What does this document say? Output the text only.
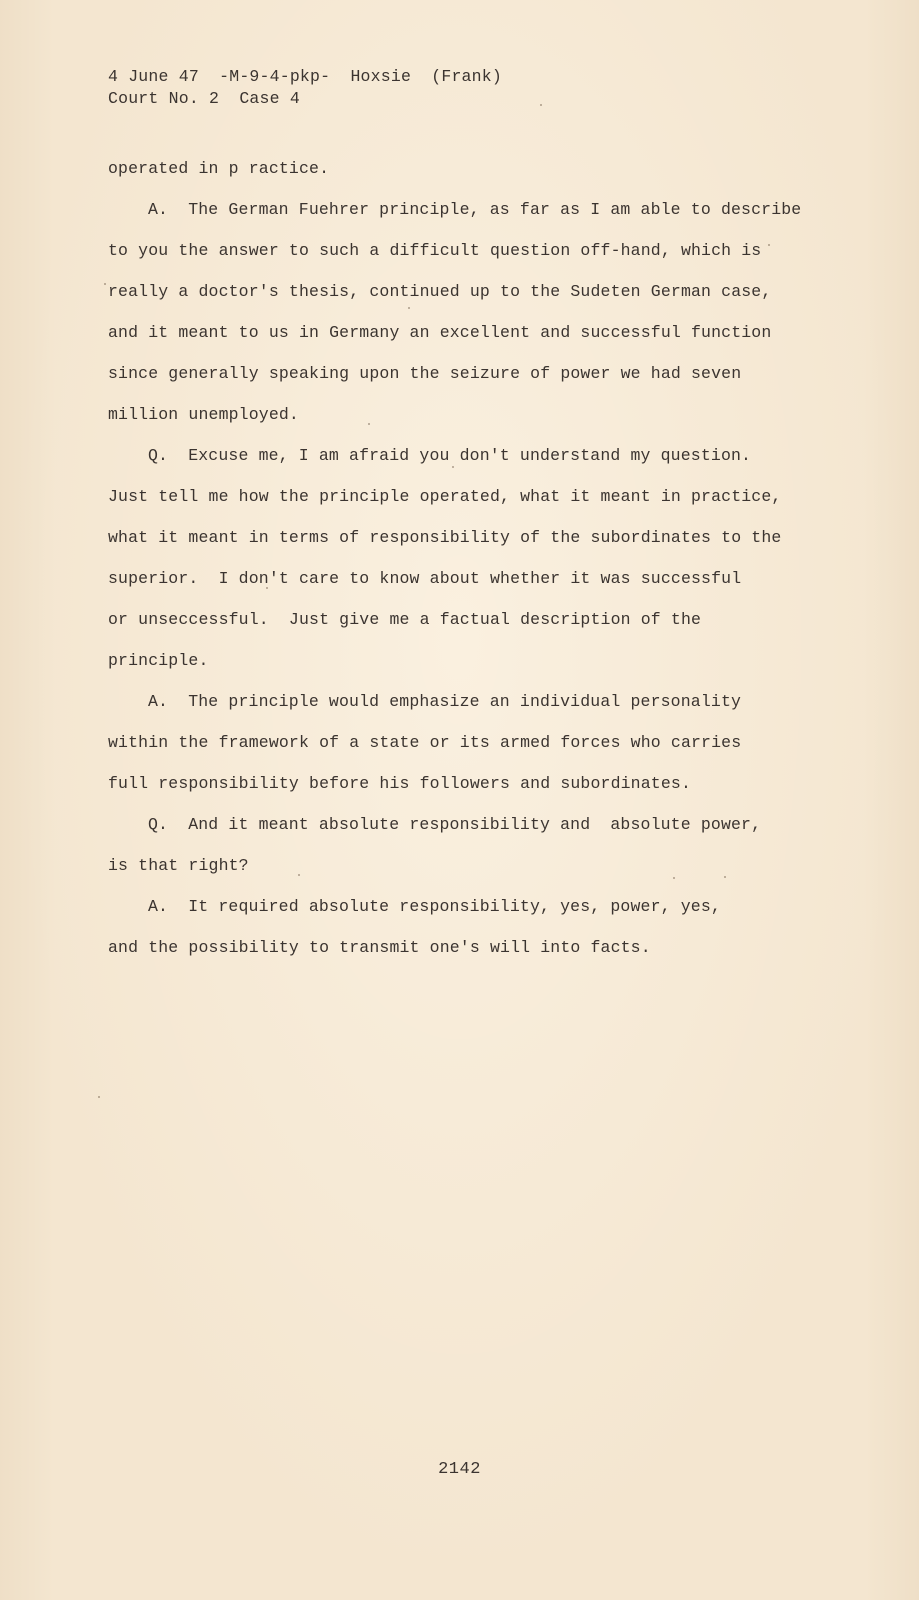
4 June 47  -M-9-4-pkp-  Hoxsie  (Frank)
Court No. 2  Case 4
operated in p ractice.
A.  The German Fuehrer principle, as far as I am able to describe
to you the answer to such a difficult question off-hand, which is
really a doctor's thesis, continued up to the Sudeten German case,
and it meant to us in Germany an excellent and successful function
since generally speaking upon the seizure of power we had seven
million unemployed.
Q.  Excuse me, I am afraid you don't understand my question.
Just tell me how the principle operated, what it meant in practice,
what it meant in terms of responsibility of the subordinates to the
superior.  I don't care to know about whether it was successful
or unseccessful.  Just give me a factual description of the
principle.
A.  The principle would emphasize an individual personality
within the framework of a state or its armed forces who carries
full responsibility before his followers and subordinates.
Q.  And it meant absolute responsibility and  absolute power,
is that right?
A.  It required absolute responsibility, yes, power, yes,
and the possibility to transmit one's will into facts.
2142
